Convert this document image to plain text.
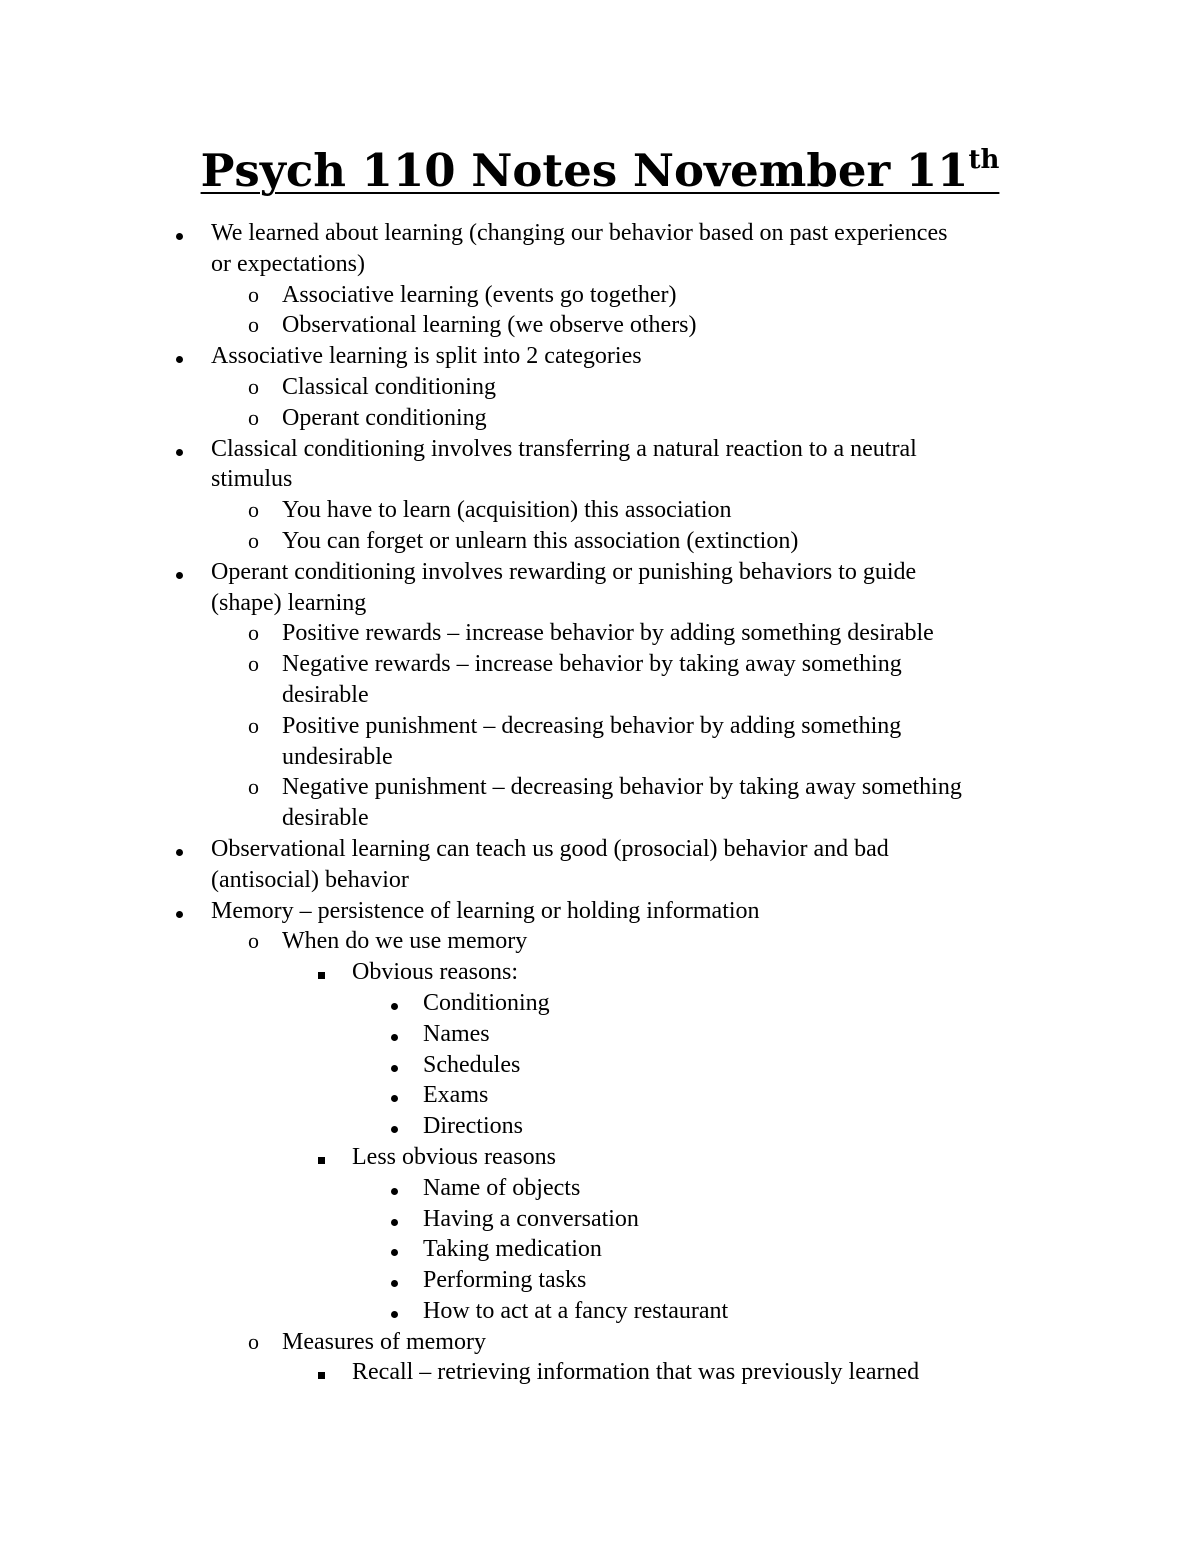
Psych 110 Notes November 11th
We learned about learning (changing our behavior based on past experiences
or expectations)
o Associative learning (events go together)
o Observational learning (we observe others)
Associative learning is split into 2 categories
o Classical conditioning
o Operant conditioning
Classical conditioning involves transferring a natural reaction to a neutral
stimulus
o You have to learn (acquisition) this association
o You can forget or unlearn this association (extinction)
Operant conditioning involves rewarding or punishing behaviors to guide
(shape) learning
o Positive rewards – increase behavior by adding something desirable
o Negative rewards – increase behavior by taking away something
desirable
o Positive punishment – decreasing behavior by adding something
undesirable
o Negative punishment – decreasing behavior by taking away something
desirable
Observational learning can teach us good (prosocial) behavior and bad
(antisocial) behavior
Memory – persistence of learning or holding information
o When do we use memory
Obvious reasons:
Conditioning
Names
Schedules
Exams
Directions
Less obvious reasons
Name of objects
Having a conversation
Taking medication
Performing tasks
How to act at a fancy restaurant
o Measures of memory
Recall – retrieving information that was previously learned
